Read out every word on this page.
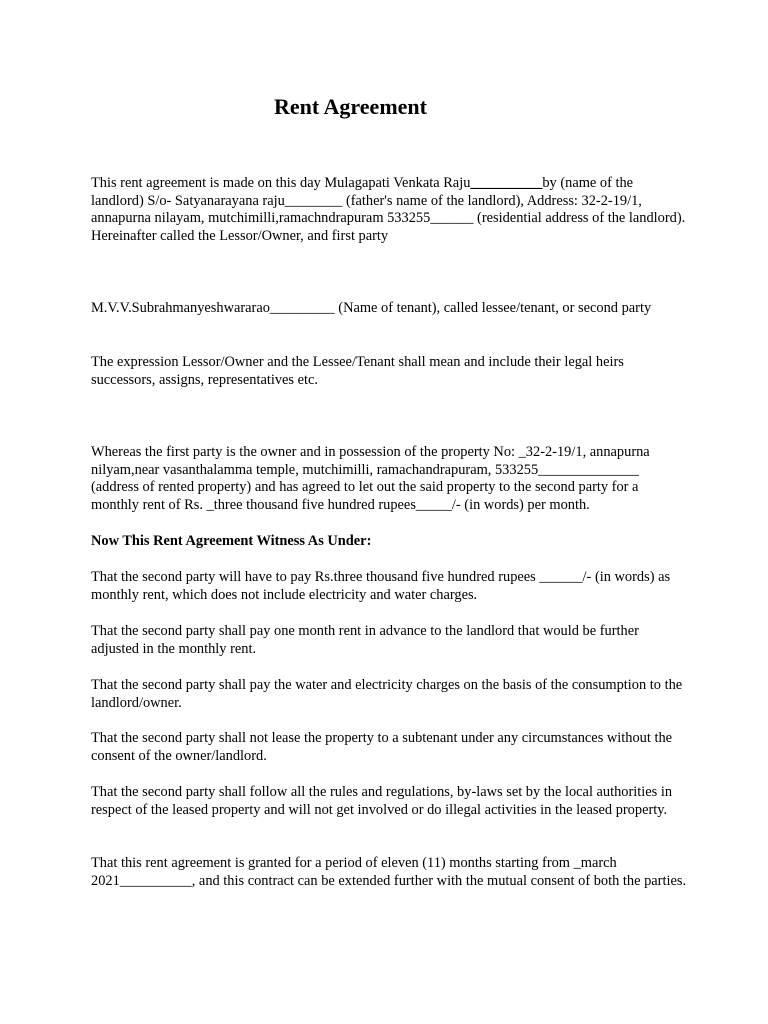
Rent Agreement

This rent agreement is made on this day Mulagapati Venkata Raju__________by (name of the landlord) S/o- Satyanarayana raju________ (father's name of the landlord), Address: 32-2-19/1, annapurna nilayam, mutchimilli,ramachndrapuram 533255______ (residential address of the landlord). Hereinafter called the Lessor/Owner, and first party

M.V.V.Subrahmanyeshwararao_________ (Name of tenant), called lessee/tenant, or second party

The expression Lessor/Owner and the Lessee/Tenant shall mean and include their legal heirs successors, assigns, representatives etc.

Whereas the first party is the owner and in possession of the property No: _32-2-19/1, annapurna nilyam,near vasanthalamma temple, mutchimilli, ramachandrapuram, 533255______________ (address of rented property) and has agreed to let out the said property to the second party for a monthly rent of Rs. _three thousand five hundred rupees_____/- (in words) per month.

Now This Rent Agreement Witness As Under:

That the second party will have to pay Rs.three thousand five hundred rupees ______/- (in words) as monthly rent, which does not include electricity and water charges.

That the second party shall pay one month rent in advance to the landlord that would be further adjusted in the monthly rent.

That the second party shall pay the water and electricity charges on the basis of the consumption to the landlord/owner.

That the second party shall not lease the property to a subtenant under any circumstances without the consent of the owner/landlord.

That the second party shall follow all the rules and regulations, by-laws set by the local authorities in respect of the leased property and will not get involved or do illegal activities in the leased property.

That this rent agreement is granted for a period of eleven (11) months starting from _march 2021__________, and this contract can be extended further with the mutual consent of both the parties.
